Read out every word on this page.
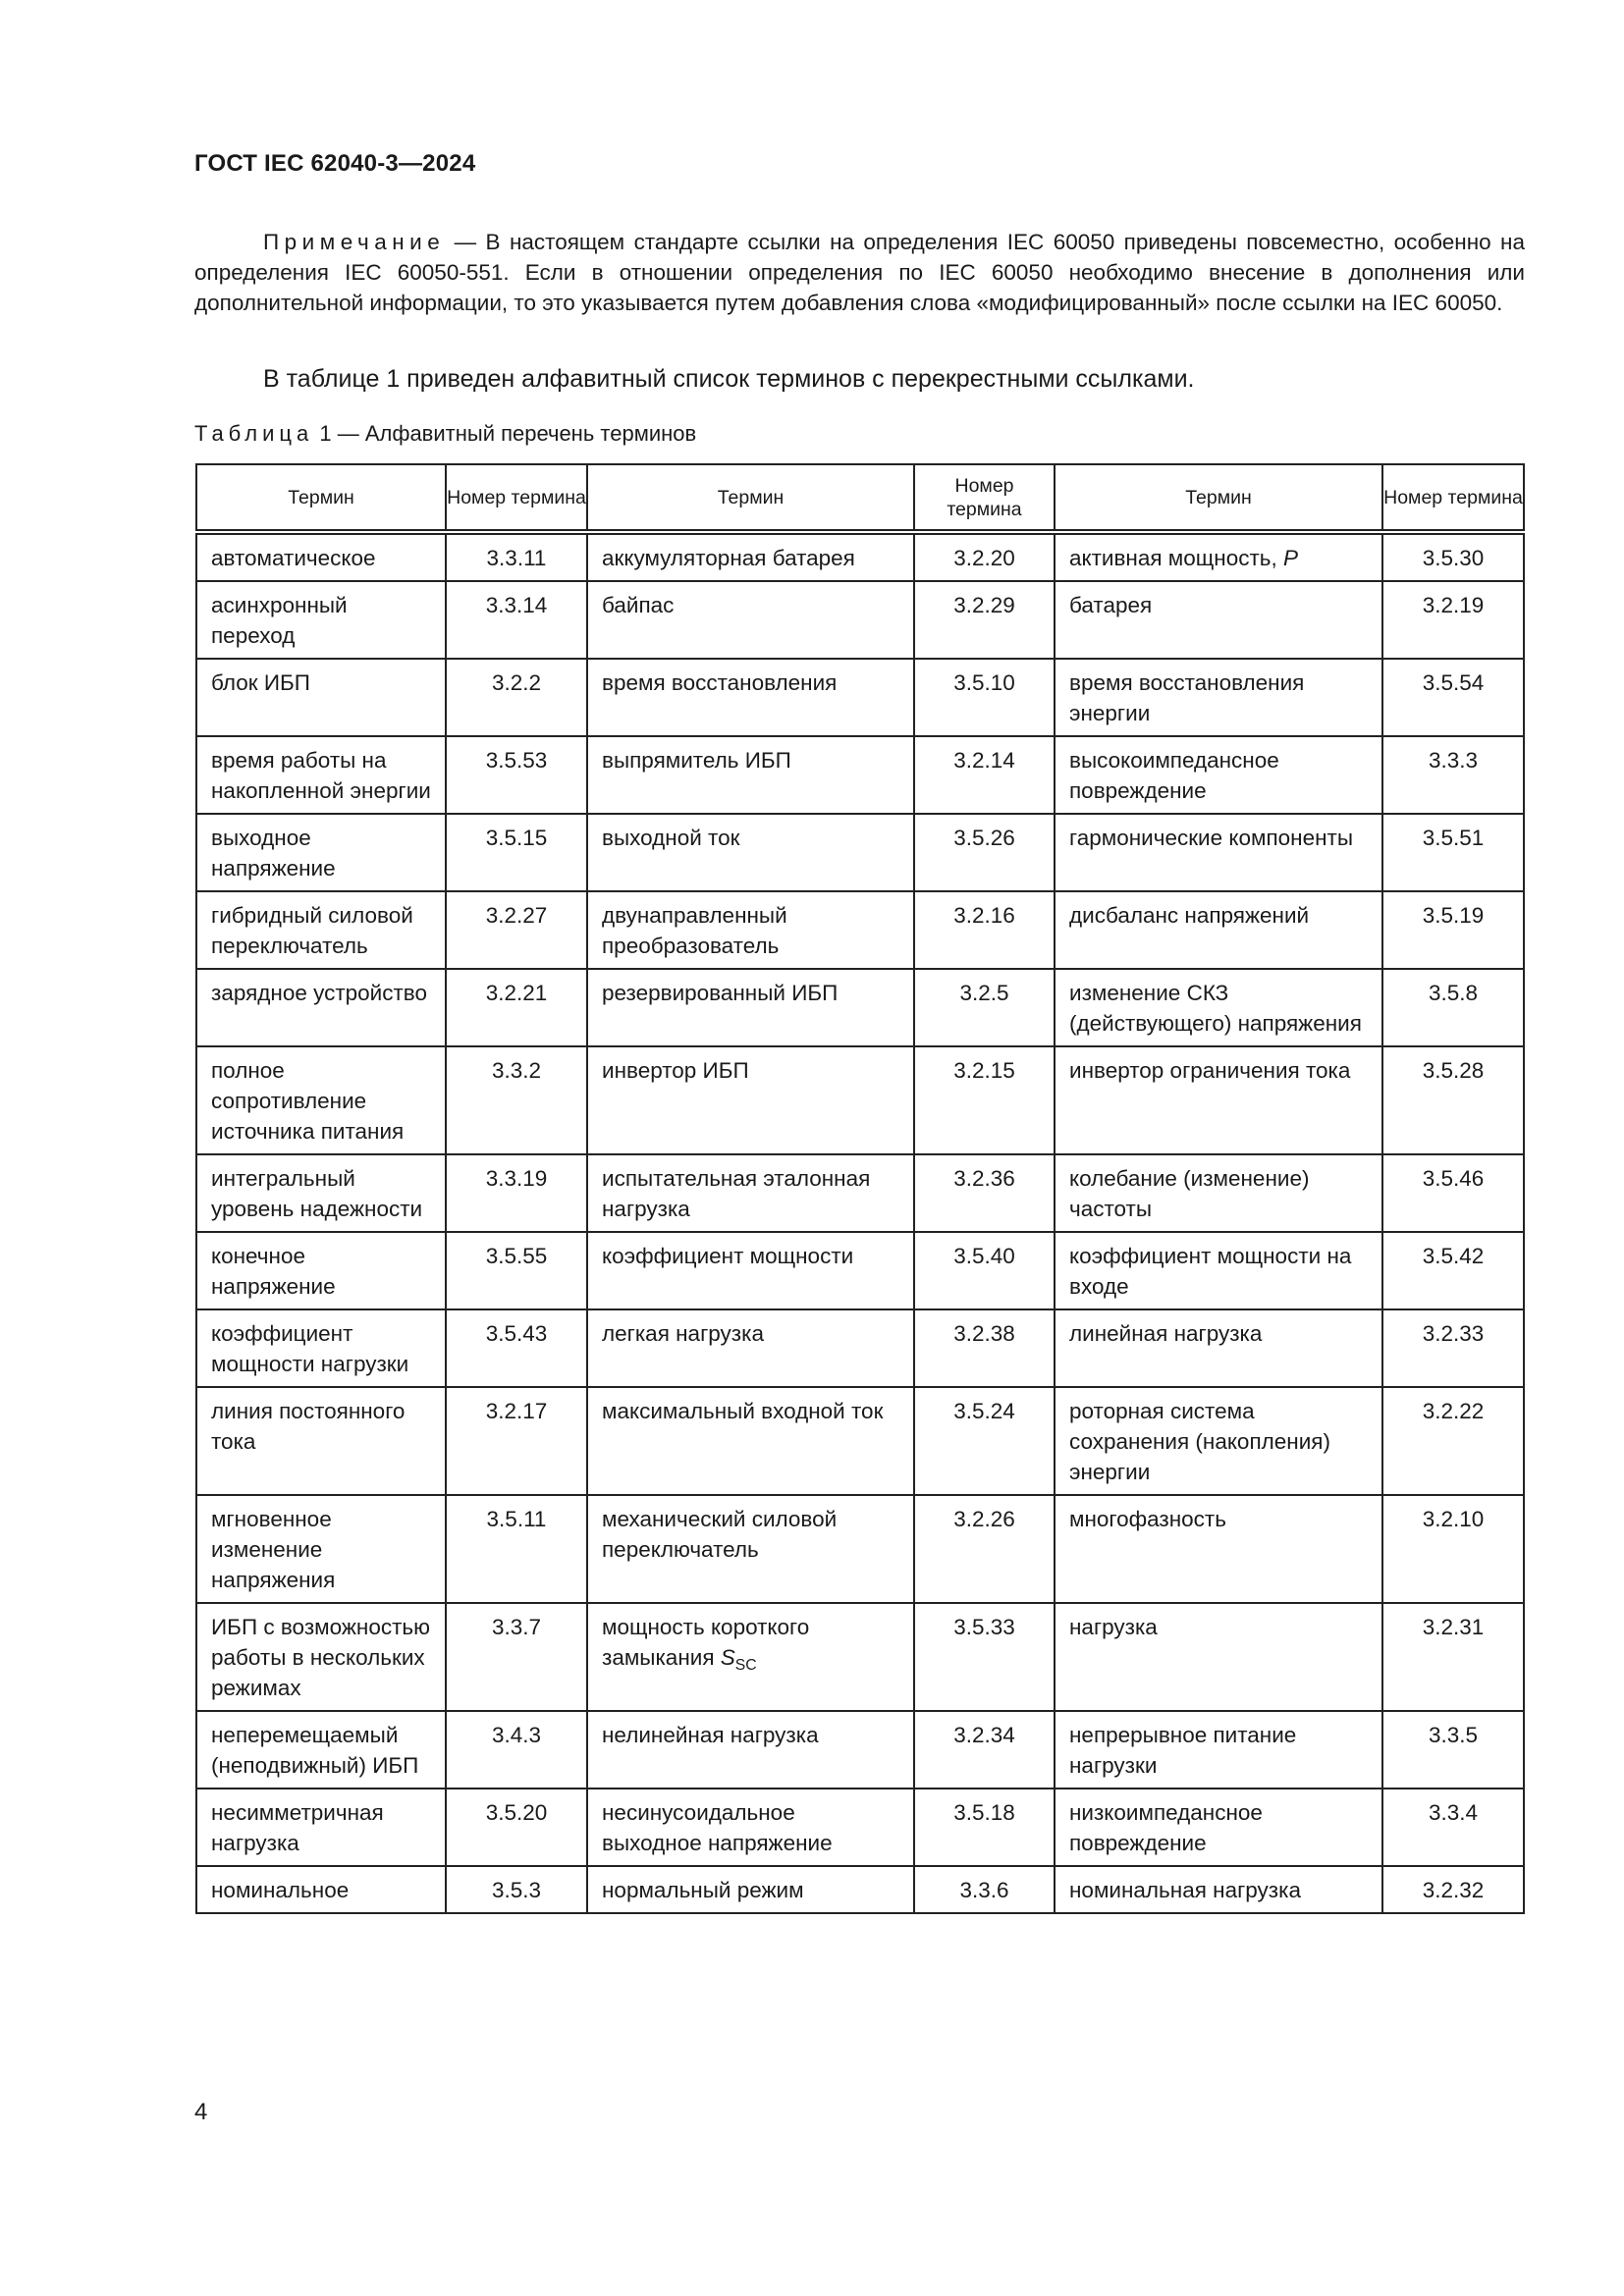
ГОСТ IEC 62040-3—2024
Примечание — В настоящем стандарте ссылки на определения IEC 60050 приведены повсеместно, особенно на определения IEC 60050-551. Если в отношении определения по IEC 60050 необходимо внесение в дополнения или дополнительной информации, то это указывается путем добавления слова «модифицированный» после ссылки на IEC 60050.
В таблице 1 приведен алфавитный список терминов с перекрестными ссылками.
Таблица 1 — Алфавитный перечень терминов
Термин	Номер термина	Термин	Номер термина	Термин	Номер термина
автоматическое	3.3.11	аккумуляторная батарея	3.2.20	активная мощность, P	3.5.30
асинхронный переход	3.3.14	байпас	3.2.29	батарея	3.2.19
блок ИБП	3.2.2	время восстановления	3.5.10	время восстановления энергии	3.5.54
время работы на накопленной энергии	3.5.53	выпрямитель ИБП	3.2.14	высокоимпедансное повреждение	3.3.3
выходное напряжение	3.5.15	выходной ток	3.5.26	гармонические компоненты	3.5.51
гибридный силовой переключатель	3.2.27	двунаправленный преобразователь	3.2.16	дисбаланс напряжений	3.5.19
зарядное устройство	3.2.21	резервированный ИБП	3.2.5	изменение СКЗ (действующего) напряжения	3.5.8
полное сопротивление источника питания	3.3.2	инвертор ИБП	3.2.15	инвертор ограничения тока	3.5.28
интегральный уровень надежности	3.3.19	испытательная эталонная нагрузка	3.2.36	колебание (изменение) частоты	3.5.46
конечное напряжение	3.5.55	коэффициент мощности	3.5.40	коэффициент мощности на входе	3.5.42
коэффициент мощности нагрузки	3.5.43	легкая нагрузка	3.2.38	линейная нагрузка	3.2.33
линия постоянного тока	3.2.17	максимальный входной ток	3.5.24	роторная система сохранения (накопления) энергии	3.2.22
мгновенное изменение напряжения	3.5.11	механический силовой переключатель	3.2.26	многофазность	3.2.10
ИБП с возможностью работы в нескольких режимах	3.3.7	мощность короткого замыкания $S_{SC}$	3.5.33	нагрузка	3.2.31
неперемещаемый (неподвижный) ИБП	3.4.3	нелинейная нагрузка	3.2.34	непрерывное питание нагрузки	3.3.5
несимметричная нагрузка	3.5.20	несинусоидальное выходное напряжение	3.5.18	низкоимпедансное повреждение	3.3.4
номинальное	3.5.3	нормальный режим	3.3.6	номинальная нагрузка	3.2.32
4
